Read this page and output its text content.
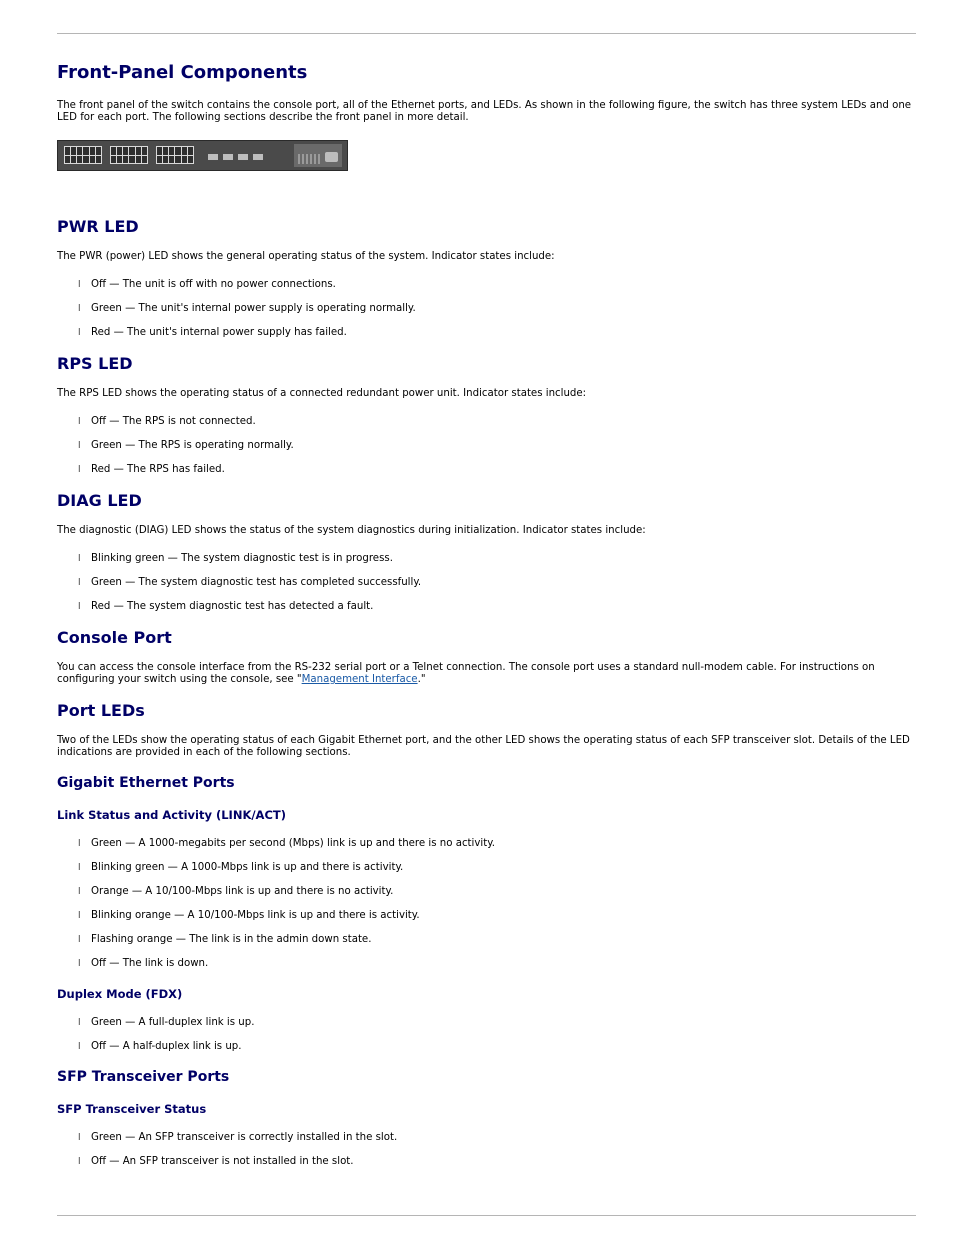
Front-Panel Components

The front panel of the switch contains the console port, all of the Ethernet ports, and LEDs. As shown in the following figure, the switch has three system LEDs and one LED for each port. The following sections describe the front panel in more detail.

PWR LED

The PWR (power) LED shows the general operating status of the system. Indicator states include:

l Off — The unit is off with no power connections.
l Green — The unit's internal power supply is operating normally.
l Red — The unit's internal power supply has failed.
RPS LED

The RPS LED shows the operating status of a connected redundant power unit. Indicator states include:

l Off — The RPS is not connected.
l Green — The RPS is operating normally.
l Red — The RPS has failed.
DIAG LED

The diagnostic (DIAG) LED shows the status of the system diagnostics during initialization. Indicator states include:

l Blinking green — The system diagnostic test is in progress.
l Green — The system diagnostic test has completed successfully.
l Red — The system diagnostic test has detected a fault.
Console Port

You can access the console interface from the RS-232 serial port or a Telnet connection. The console port uses a standard null-modem cable. For instructions on configuring your switch using the console, see "Management Interface."

Port LEDs

Two of the LEDs show the operating status of each Gigabit Ethernet port, and the other LED shows the operating status of each SFP transceiver slot. Details of the LED indications are provided in each of the following sections.

Gigabit Ethernet Ports
Link Status and Activity (LINK/ACT)
l Green — A 1000-megabits per second (Mbps) link is up and there is no activity.
l Blinking green — A 1000-Mbps link is up and there is activity.
l Orange — A 10/100-Mbps link is up and there is no activity.
l Blinking orange — A 10/100-Mbps link is up and there is activity.
l Flashing orange — The link is in the admin down state.
l Off — The link is down.
Duplex Mode (FDX)
l Green — A full-duplex link is up.
l Off — A half-duplex link is up.
SFP Transceiver Ports
SFP Transceiver Status
l Green — An SFP transceiver is correctly installed in the slot.
l Off — An SFP transceiver is not installed in the slot.
